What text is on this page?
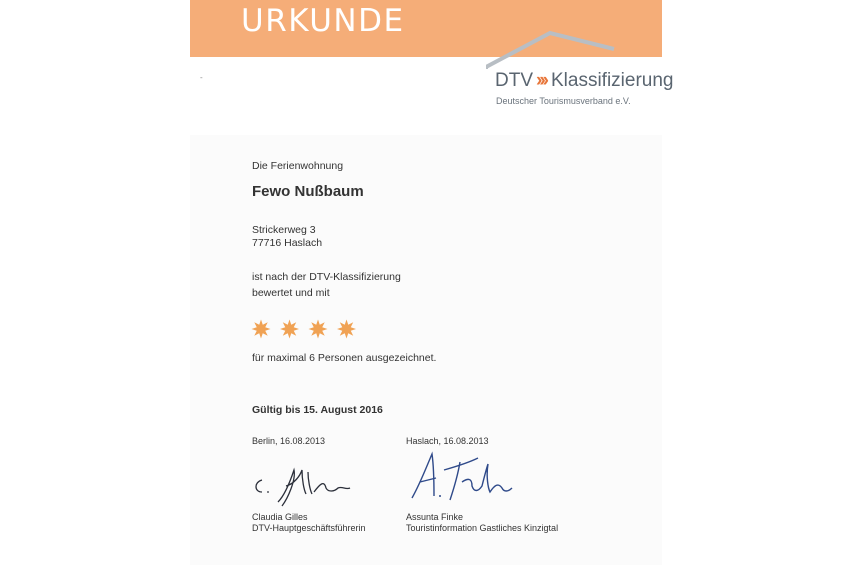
URKUNDE
DTV ››› Klassifizierung
Deutscher Tourismusverband e.V.
Die Ferienwohnung
Fewo Nußbaum
Strickerweg 3
77716 Haslach
ist nach der DTV-Klassifizierung
bewertet und mit
für maximal 6 Personen ausgezeichnet.
Gültig bis 15. August 2016
Berlin, 16.08.2013	Haslach, 16.08.2013
Claudia Gilles
DTV-Hauptgeschäftsführerin
Assunta Finke
Touristinformation Gastliches Kinzigtal
-
